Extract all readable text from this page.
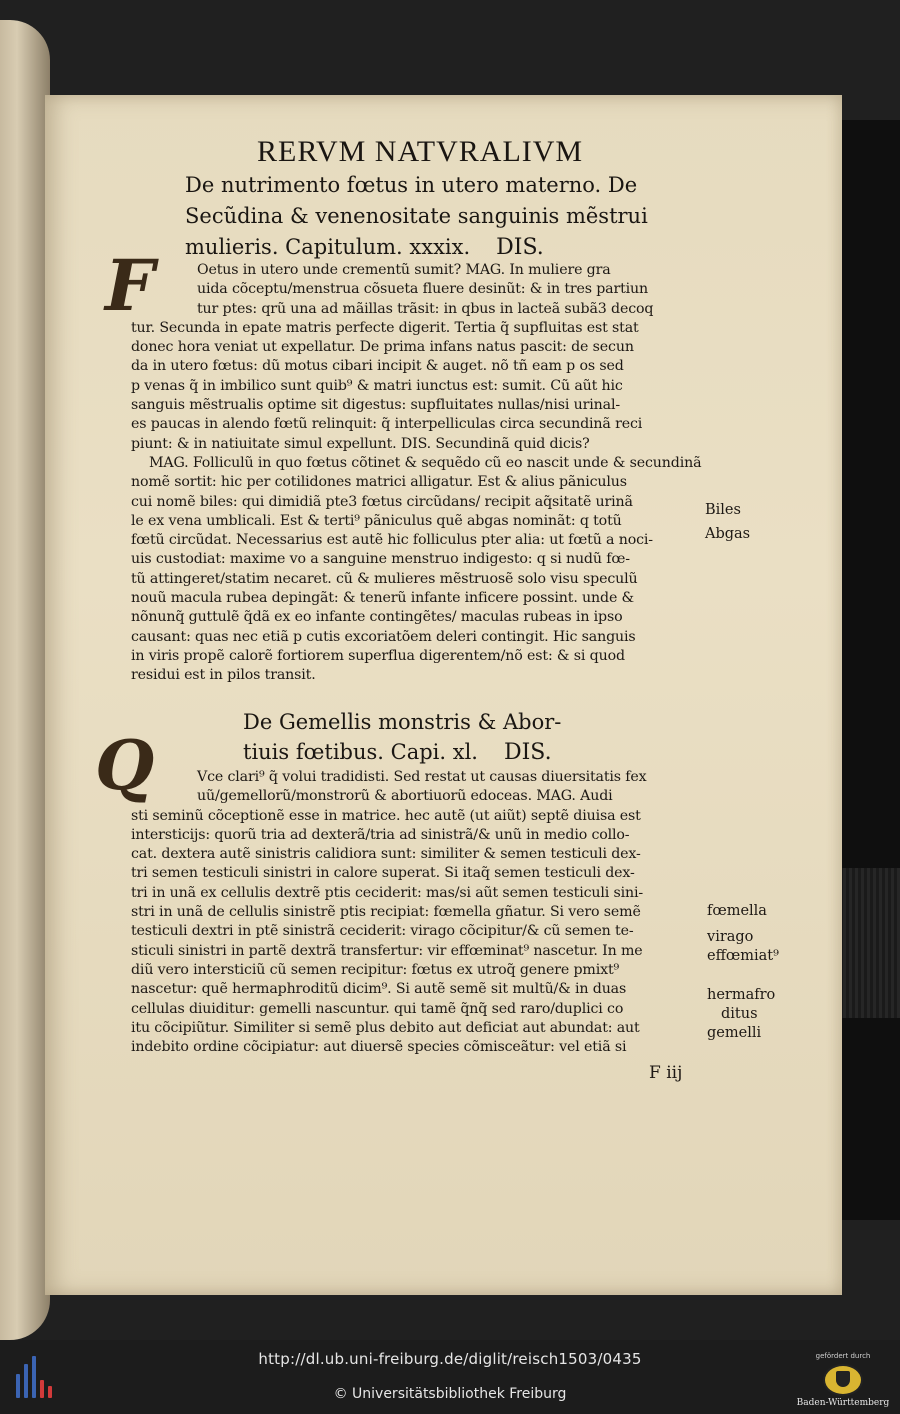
RERVM NATVRALIVM
De nutrimento fœtus in utero materno. De
Secũdina & venenositate sanguinis mẽstrui
mulieris. Capitulum. xxxix. DIS.
F	Oetus in utero unde crementũ sumit? MAG. In muliere gra
uida cõceptu/menstrua cõsueta fluere desinũt: & in tres partiun
tur ptes: qrũ una ad mãillas trãsit: in qbus in lacteã subã3 decoq
tur. Secunda in epate matris perfecte digerit. Tertia q̃ supfluitas est stat
donec hora veniat ut expellatur. De prima infans natus pascit: de secun
da in utero fœtus: dũ motus cibari incipit & auget. nõ tñ eam p os sed
p venas q̃ in imbilico sunt quib⁹ & matri iunctus est: sumit. Cũ aũt hic
sanguis mẽstrualis optime sit digestus: supfluitates nullas/nisi urinal-
es paucas in alendo fœtũ relinquit: q̃ interpelliculas circa secundinã reci
piunt: & in natiuitate simul expellunt. DIS. Secundinã quid dicis?
MAG. Folliculũ in quo fœtus cõtinet & sequẽdo cũ eo nascit unde & secundinã
nomẽ sortit: hic per cotilidones matrici alligatur. Est & alius pãniculus
cui nomẽ biles: qui dimidiã pte3 fœtus circũdans/ recipit aq̃sitatẽ urinã
le ex vena umblicali. Est & terti⁹ pãniculus quẽ abgas nominãt: q totũ
fœtũ circũdat. Necessarius est autẽ hic folliculus pter alia: ut fœtũ a noci-
uis custodiat: maxime vo a sanguine menstruo indigesto: q si nudũ fœ-
tũ attingeret/statim necaret. cũ & mulieres mẽstruosẽ solo visu speculũ
nouũ macula rubea depingãt: & tenerũ infante inficere possint. unde &
nõnunq̃ guttulẽ q̃dã ex eo infante contingẽtes/ maculas rubeas in ipso
causant: quas nec etiã p cutis excoriatõem deleri contingit. Hic sanguis
in viris propẽ calorẽ fortiorem superflua digerentem/nõ est: & si quod
residui est in pilos transit.
Biles
Abgas
De Gemellis monstris & Abor-
tiuis fœtibus. Capi. xl. DIS.
Q	Vce clari⁹ q̃ volui tradidisti. Sed restat ut causas diuersitatis fex
uũ/gemellorũ/monstrorũ & abortiuorũ edoceas. MAG. Audi
sti seminũ cõceptionẽ esse in matrice. hec autẽ (ut aiũt) septẽ diuisa est
intersticijs: quorũ tria ad dexterã/tria ad sinistrã/& unũ in medio collo-
cat. dextera autẽ sinistris calidiora sunt: similiter & semen testiculi dex-
tri semen testiculi sinistri in calore superat. Si itaq̃ semen testiculi dex-
tri in unã ex cellulis dextrẽ ptis ceciderit: mas/si aũt semen testiculi sini-
stri in unã de cellulis sinistrẽ ptis recipiat: fœmella gñatur. Si vero semẽ
testiculi dextri in ptẽ sinistrã ceciderit: virago cõcipitur/& cũ semen te-
sticuli sinistri in partẽ dextrã transfertur: vir effœminat⁹ nascetur. In me
diũ vero intersticiũ cũ semen recipitur: fœtus ex utroq̃ genere pmixt⁹
nascetur: quẽ hermaphroditũ dicim⁹. Si autẽ semẽ sit multũ/& in duas
cellulas diuiditur: gemelli nascuntur. qui tamẽ q̃nq̃ sed raro/duplici co
itu cõcipiũtur. Similiter si semẽ plus debito aut deficiat aut abundat: aut
indebito ordine cõcipiatur: aut diuersẽ species cõmisceãtur: vel etiã si
fœmella
virago
effœmiat⁹
hermafro
ditus
gemelli
F iij
http://dl.ub.uni-freiburg.de/diglit/reisch1503/0435
© Universitätsbibliothek Freiburg
gefördert durch
Baden-Württemberg
